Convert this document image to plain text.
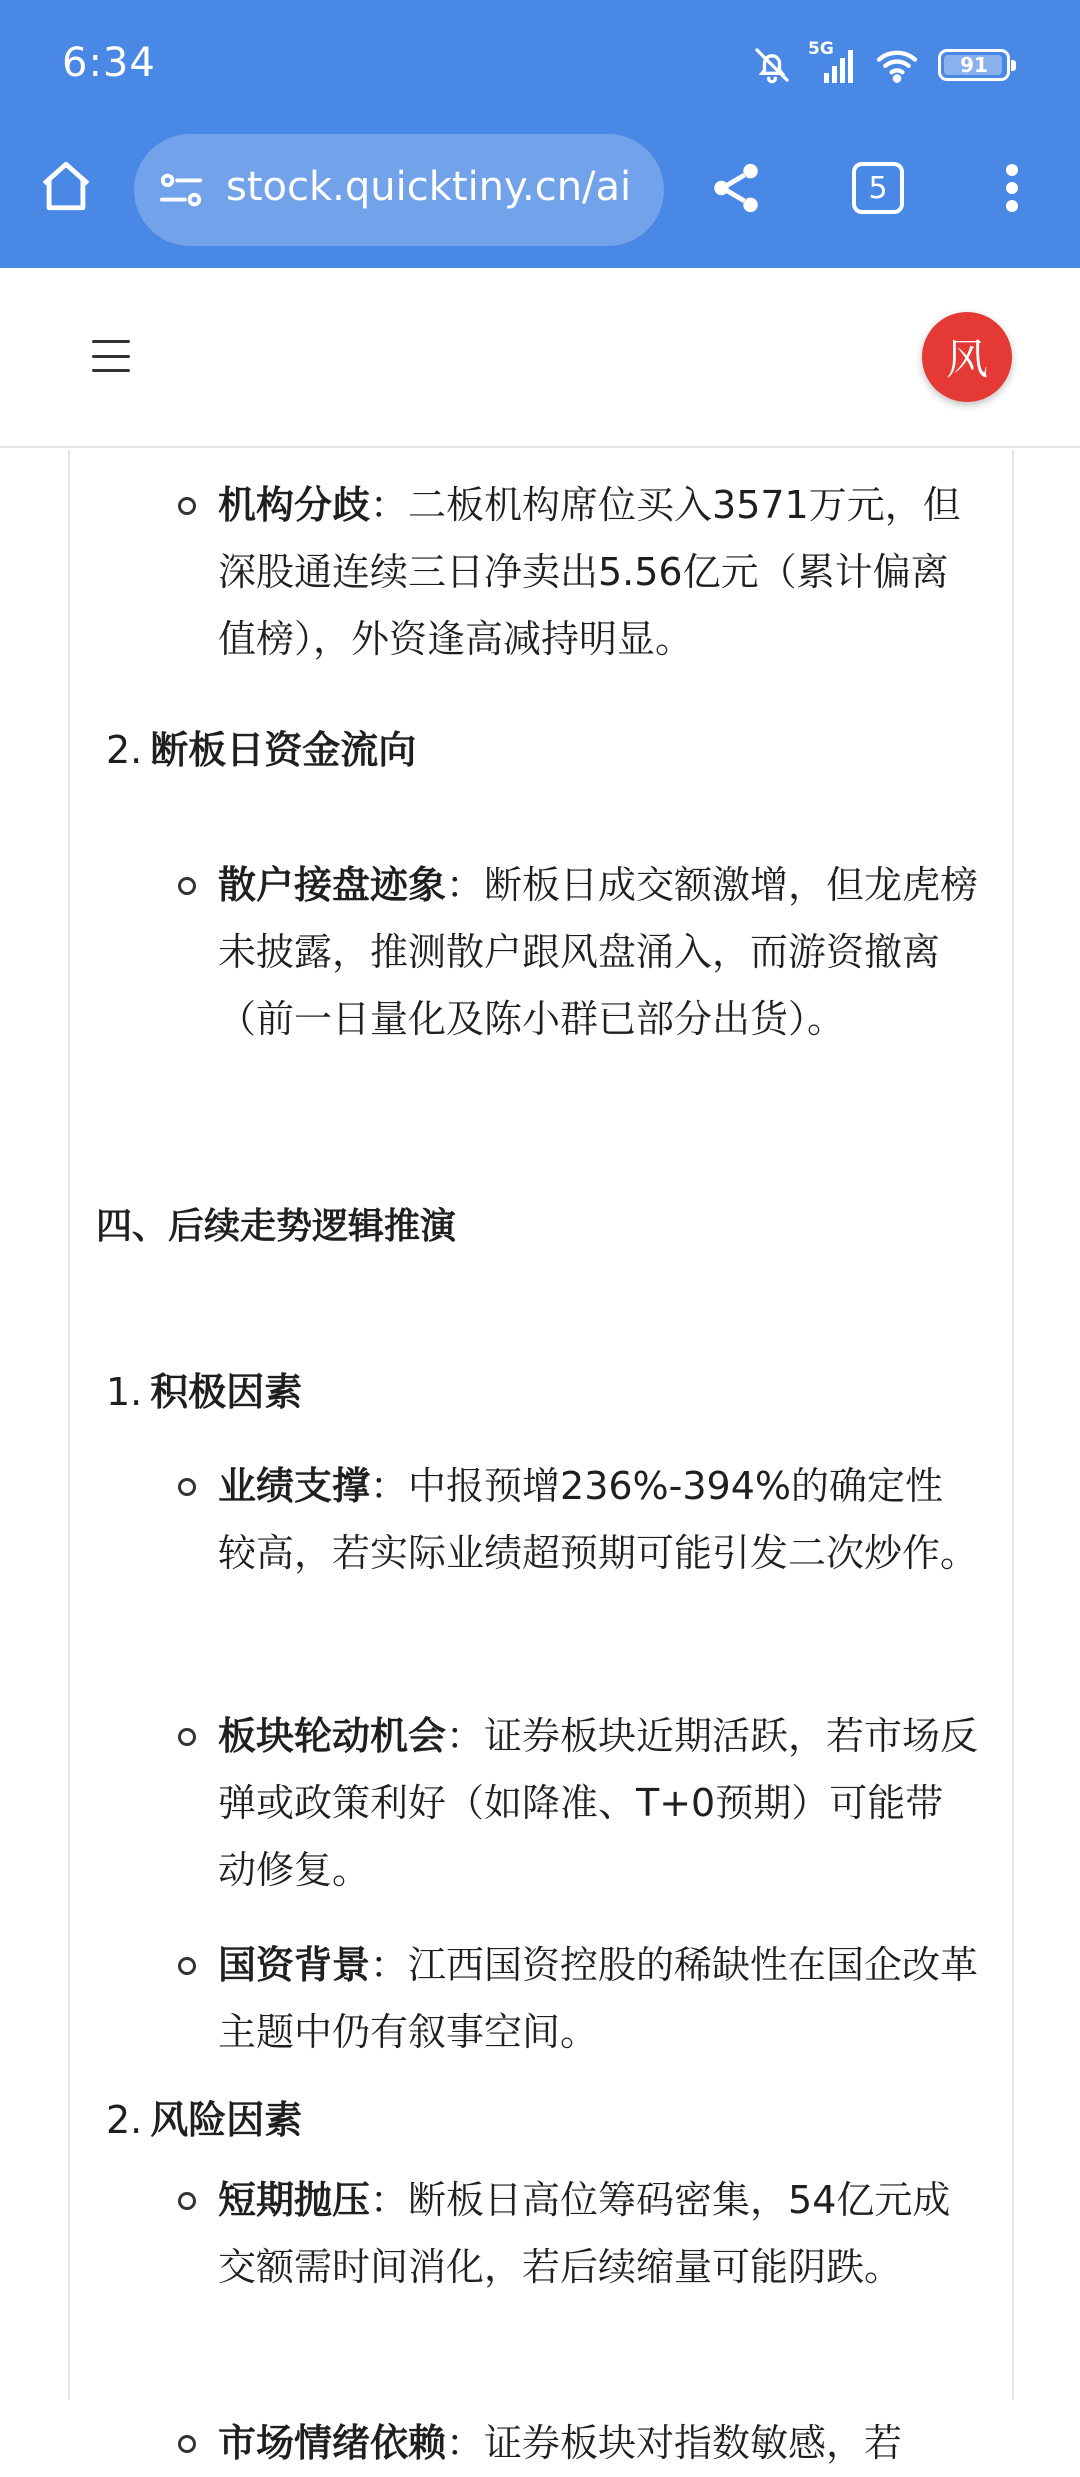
6:34	5G
91
stock.quicktiny.cn/ai	5
风
机构分歧：二板机构席位买入3571万元，但深股通连续三日净卖出5.56亿元（累计偏离值榜），外资逢高减持明显。
2. 断板日资金流向
散户接盘迹象：断板日成交额激增，但龙虎榜未披露，推测散户跟风盘涌入，而游资撤离（前一日量化及陈小群已部分出货）。
四、后续走势逻辑推演
1. 积极因素
业绩支撑：中报预增236%-394%的确定性较高，若实际业绩超预期可能引发二次炒作。
板块轮动机会：证券板块近期活跃，若市场反弹或政策利好（如降准、T+0预期）可能带动修复。
国资背景：江西国资控股的稀缺性在国企改革主题中仍有叙事空间。
2. 风险因素
短期抛压：断板日高位筹码密集，54亿元成交额需时间消化，若后续缩量可能阴跌。
市场情绪依赖：证券板块对指数敏感，若
